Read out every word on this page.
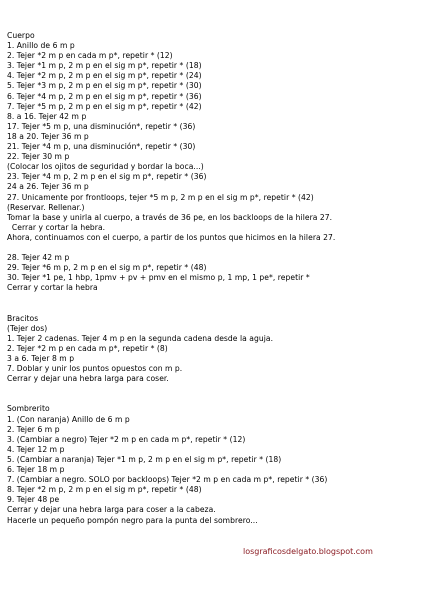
Cuerpo
1. Anillo de 6 m p
2. Tejer *2 m p en cada m p*, repetir * (12)
3. Tejer *1 m p, 2 m p en el sig m p*, repetir * (18)
4. Tejer *2 m p, 2 m p en el sig m p*, repetir * (24)
5. Tejer *3 m p, 2 m p en el sig m p*, repetir * (30)
6. Tejer *4 m p, 2 m p en el sig m p*, repetir * (36)
7. Tejer *5 m p, 2 m p en el sig m p*, repetir * (42)
8. a 16. Tejer 42 m p
17. Tejer *5 m p, una disminución*, repetir * (36)
18 a 20. Tejer 36 m p
21. Tejer *4 m p, una disminución*, repetir * (30)
22. Tejer 30 m p
(Colocar los ojitos de seguridad y bordar la boca...)
23. Tejer *4 m p, 2 m p en el sig m p*, repetir * (36)
24 a 26. Tejer 36 m p
27. Unicamente por frontloops, tejer *5 m p, 2 m p en el sig m p*, repetir * (42)
(Reservar. Rellenar.)
Tomar la base y unirla al cuerpo, a través de 36 pe, en los backloops de la hilera 27.
Cerrar y cortar la hebra.
Ahora, continuamos con el cuerpo, a partir de los puntos que hicimos en la hilera 27.
28. Tejer 42 m p
29. Tejer *6 m p, 2 m p en el sig m p*, repetir * (48)
30. Tejer *1 pe, 1 hbp, 1pmv + pv + pmv en el mismo p, 1 mp, 1 pe*, repetir *
Cerrar y cortar la hebra
Bracitos
(Tejer dos)
1. Tejer 2 cadenas. Tejer 4 m p en la segunda cadena desde la aguja.
2. Tejer *2 m p en cada m p*, repetir * (8)
3 a 6. Tejer 8 m p
7. Doblar y unir los puntos opuestos con m p.
Cerrar y dejar una hebra larga para coser.
Sombrerito
1. (Con naranja) Anillo de 6 m p
2. Tejer 6 m p
3. (Cambiar a negro) Tejer *2 m p en cada m p*, repetir * (12)
4. Tejer 12 m p
5. (Cambiar a naranja) Tejer *1 m p, 2 m p en el sig m p*, repetir * (18)
6. Tejer 18 m p
7. (Cambiar a negro. SOLO por backloops) Tejer *2 m p en cada m p*, repetir * (36)
8. Tejer *2 m p, 2 m p en el sig m p*, repetir * (48)
9. Tejer 48 pe
Cerrar y dejar una hebra larga para coser a la cabeza.
Hacerle un pequeño pompón negro para la punta del sombrero...
losgraficosdelgato.blogspot.com
